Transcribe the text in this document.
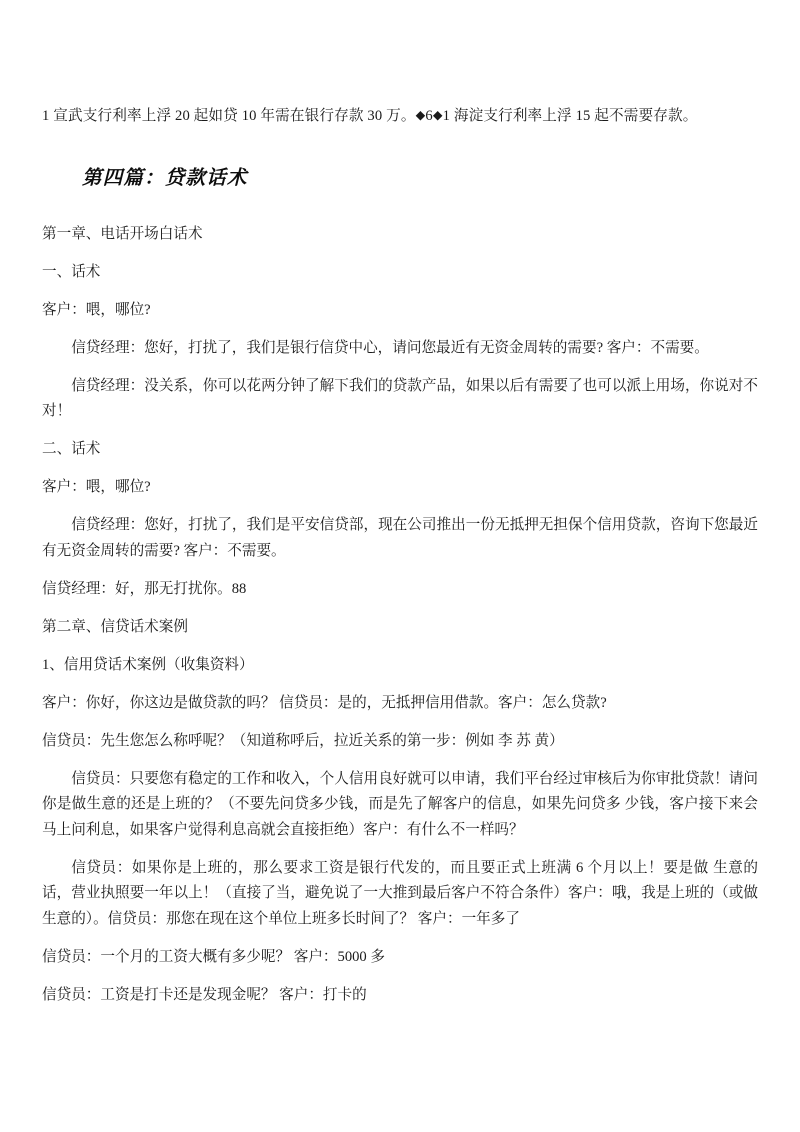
1 宣武支行利率上浮 20 起如贷 10 年需在银行存款 30 万。◆6◆1 海淀支行利率上浮 15 起不需要存款。

第四篇：贷款话术

第一章、电话开场白话术

一、话术

客户：喂，哪位?

信贷经理：您好，打扰了，我们是银行信贷中心，请问您最近有无资金周转的需要? 客户：不需要。

信贷经理：没关系，你可以花两分钟了解下我们的贷款产品，如果以后有需要了也可以派上用场，你说对不对！

二、话术

客户：喂，哪位?

信贷经理：您好，打扰了，我们是平安信贷部，现在公司推出一份无抵押无担保个信用贷款，咨询下您最近有无资金周转的需要? 客户：不需要。

信贷经理：好，那无打扰你。88

第二章、信贷话术案例

1、信用贷话术案例（收集资料）

客户：你好，你这边是做贷款的吗？ 信贷员：是的，无抵押信用借款。客户：怎么贷款?

信贷员：先生您怎么称呼呢？（知道称呼后，拉近关系的第一步：例如 李 苏 黄）

信贷员：只要您有稳定的工作和收入，个人信用良好就可以申请，我们平台经过审核后为你审批贷款！请问你是做生意的还是上班的？（不要先问贷多少钱，而是先了解客户的信息，如果先问贷多 少钱，客户接下来会马上问利息，如果客户觉得利息高就会直接拒绝）客户：有什么不一样吗？

信贷员：如果你是上班的，那么要求工资是银行代发的，而且要正式上班满 6 个月以上！要是做 生意的话，营业执照要一年以上！（直接了当，避免说了一大推到最后客户不符合条件）客户：哦，我是上班的（或做生意的）。信贷员：那您在现在这个单位上班多长时间了？ 客户：一年多了

信贷员：一个月的工资大概有多少呢？ 客户：5000 多

信贷员：工资是打卡还是发现金呢？ 客户：打卡的
